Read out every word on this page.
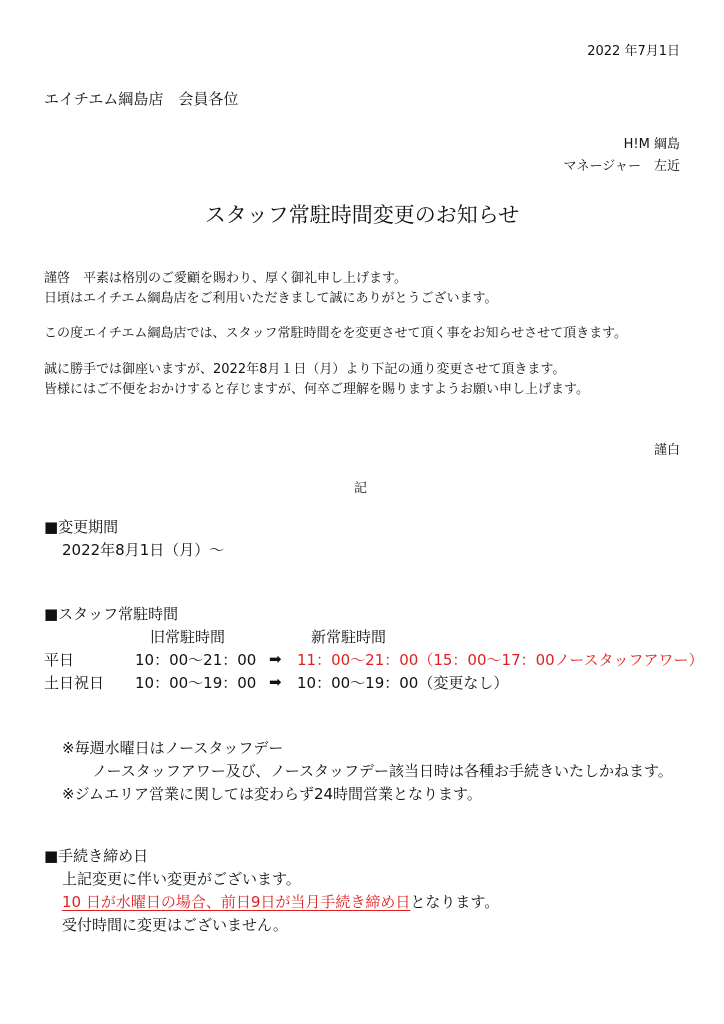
2022 年7月1日
エイチエム綱島店　会員各位
H!M 綱島
マネージャー　左近
スタッフ常駐時間変更のお知らせ
謹啓　平素は格別のご愛顧を賜わり、厚く御礼申し上げます。
日頃はエイチエム綱島店をご利用いただきまして誠にありがとうございます。
この度エイチエム綱島店では、スタッフ常駐時間をを変更させて頂く事をお知らせさせて頂きます。
誠に勝手では御座いますが、2022年8月１日（月）より下記の通り変更させて頂きます。
皆様にはご不便をおかけすると存じますが、何卒ご理解を賜りますようお願い申し上げます。
謹白
記
■変更期間
2022年8月1日（月）～
■スタッフ常駐時間
旧常駐時間	新常駐時間
平日	10：00～21：00 ➡ 11：00～21：00（15：00～17：00ノースタッフアワー）
土日祝日 10：00～19：00 ➡ 10：00～19：00（変更なし）
※毎週水曜日はノースタッフデー
ノースタッフアワー及び、ノースタッフデー該当日時は各種お手続きいたしかねます。
※ジムエリア営業に関しては変わらず24時間営業となります。
■手続き締め日
上記変更に伴い変更がございます。
10 日が水曜日の場合、前日9日が当月手続き締め日となります。
受付時間に変更はございません。
